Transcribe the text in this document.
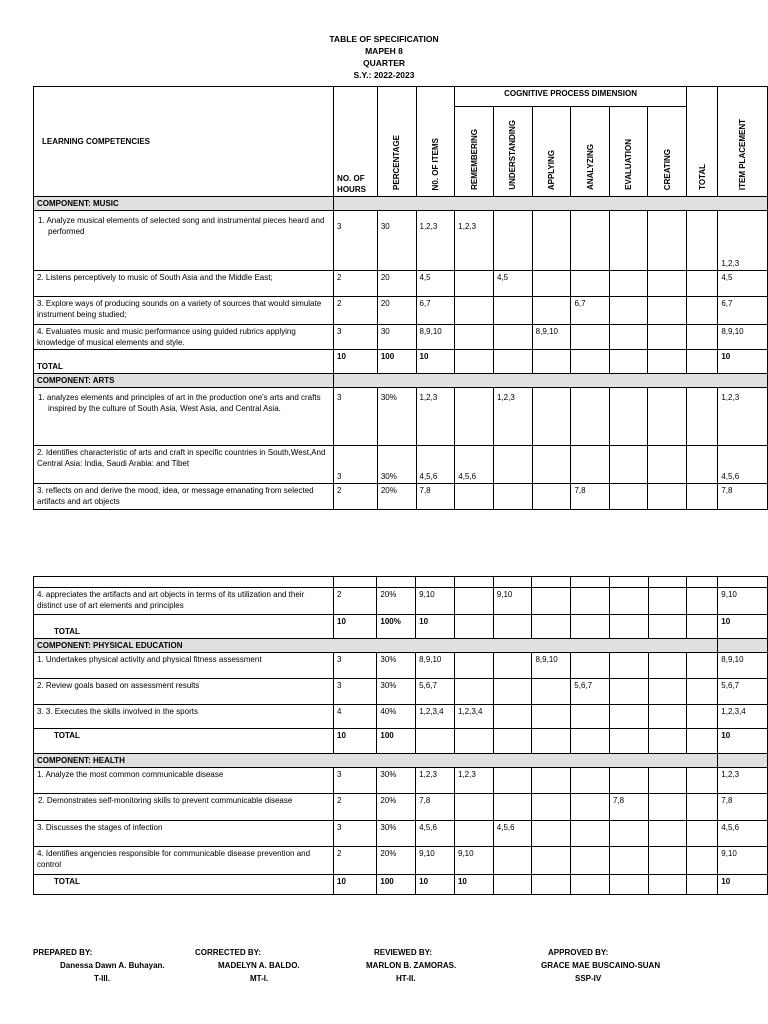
TABLE OF SPECIFICATION
MAPEH 8
QUARTER
S.Y.: 2022-2023
LEARNING COMPETENCIES	NO. OF HOURS	PERCENTAGE	N0. OF ITEMS	COGNITIVE PROCESS DIMENSION							
				REMEMBERING	UNDERSTANDING	APPLYING	ANALYZING	EVALUATION	CREATING	TOTAL	ITEM PLACEMENT
COMPONENT: MUSIC											
1. Analyze musical elements of selected song and instrumental pieces heard and performed	3	30	1,2,3	1,2,3							1,2,3
2. Listens perceptively to music of South Asia and the Middle East;	2	20	4,5		4,5						4,5
3. Explore ways of producing sounds on a variety of sources that would simulate instrument being studied;	2	20	6,7				6,7				6,7
4. Evaluates music and music performance using guided rubrics applying knowledge of musical elements and style.	3	30	8,9,10			8,9,10					8,9,10
TOTAL	10	100	10								10
COMPONENT: ARTS											
1. analyzes elements and principles of art in the production one's arts and crafts inspired by the culture of South Asia, West Asia, and Central Asia.	3	30%	1,2,3		1,2,3						1,2,3
2. Identifies characteristic of arts and craft in specific countries in South,West,And Central Asia: India, Saudi Arabia: and Tibet	3	30%	4,5,6	4,5,6							4,5,6
3. reflects on and derive the mood, idea, or message emanating from selected artifacts and art objects	2	20%	7,8				7,8				7,8

4. appreciates the artifacts and art objects in terms of its utilization and their distinct use of art elements and principles	2	20%	9,10		9,10						9,10
TOTAL	10	100%	10								10
COMPONENT: PHYSICAL EDUCATION											
1. Undertakes physical activity and physical fitness assessment	3	30%	8,9,10			8,9,10					8,9,10
2. Review goals based on assessment results	3	30%	5,6,7				5,6,7				5,6,7
3. 3. Executes the skills involved in the sports	4	40%	1,2,3,4	1,2,3,4							1,2,3,4
TOTAL	10	100									10
COMPONENT: HEALTH											
1. Analyze the most common communicable disease	3	30%	1,2,3	1,2,3							1,2,3
2. Demonstrates self-monitoring skills to prevent communicable disease	2	20%	7,8					7,8			7,8
3. Discusses the stages of infection	3	30%	4,5,6		4,5,6						4,5,6
4. Identifies angencies responsible for communicable disease prevention and control	2	20%	9,10	9,10							9,10
TOTAL	10	100	10	10							10
PREPARED BY:
Danessa Dawn A. Buhayan.
T-III.
CORRECTED BY:
MADELYN A. BALDO.
MT-I.
REVIEWED BY:
MARLON B. ZAMORAS.
HT-II.
APPROVED BY:
GRACE MAE BUSCAINO-SUAN
SSP-IV
